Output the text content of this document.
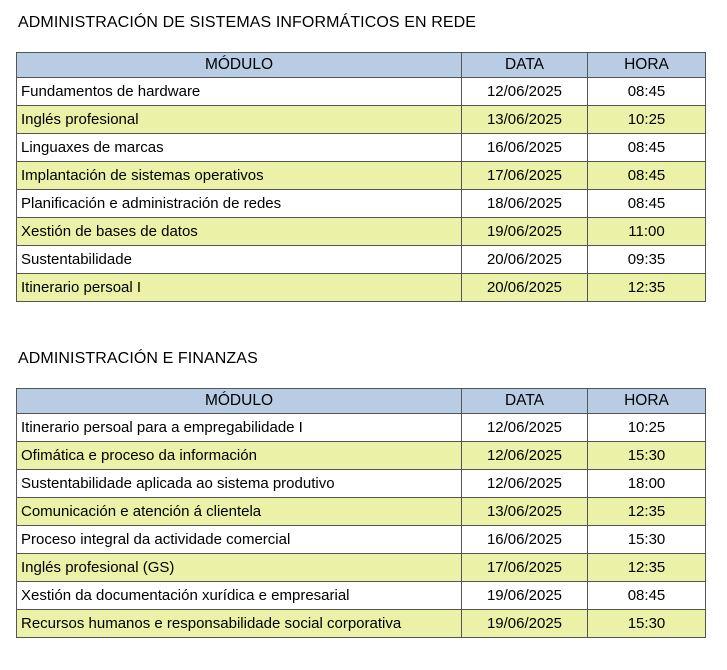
ADMINISTRACIÓN DE SISTEMAS INFORMÁTICOS EN REDE
MÓDULO	DATA	HORA
Fundamentos de hardware	12/06/2025	08:45
Inglés profesional	13/06/2025	10:25
Linguaxes de marcas	16/06/2025	08:45
Implantación de sistemas operativos	17/06/2025	08:45
Planificación e administración de redes	18/06/2025	08:45
Xestión de bases de datos	19/06/2025	11:00
Sustentabilidade	20/06/2025	09:35
Itinerario persoal I	20/06/2025	12:35
ADMINISTRACIÓN E FINANZAS
MÓDULO	DATA	HORA
Itinerario persoal para a empregabilidade I	12/06/2025	10:25
Ofimática e proceso da información	12/06/2025	15:30
Sustentabilidade aplicada ao sistema produtivo	12/06/2025	18:00
Comunicación e atención á clientela	13/06/2025	12:35
Proceso integral da actividade comercial	16/06/2025	15:30
Inglés profesional (GS)	17/06/2025	12:35
Xestión da documentación xurídica e empresarial	19/06/2025	08:45
Recursos humanos e responsabilidade social corporativa	19/06/2025	15:30
